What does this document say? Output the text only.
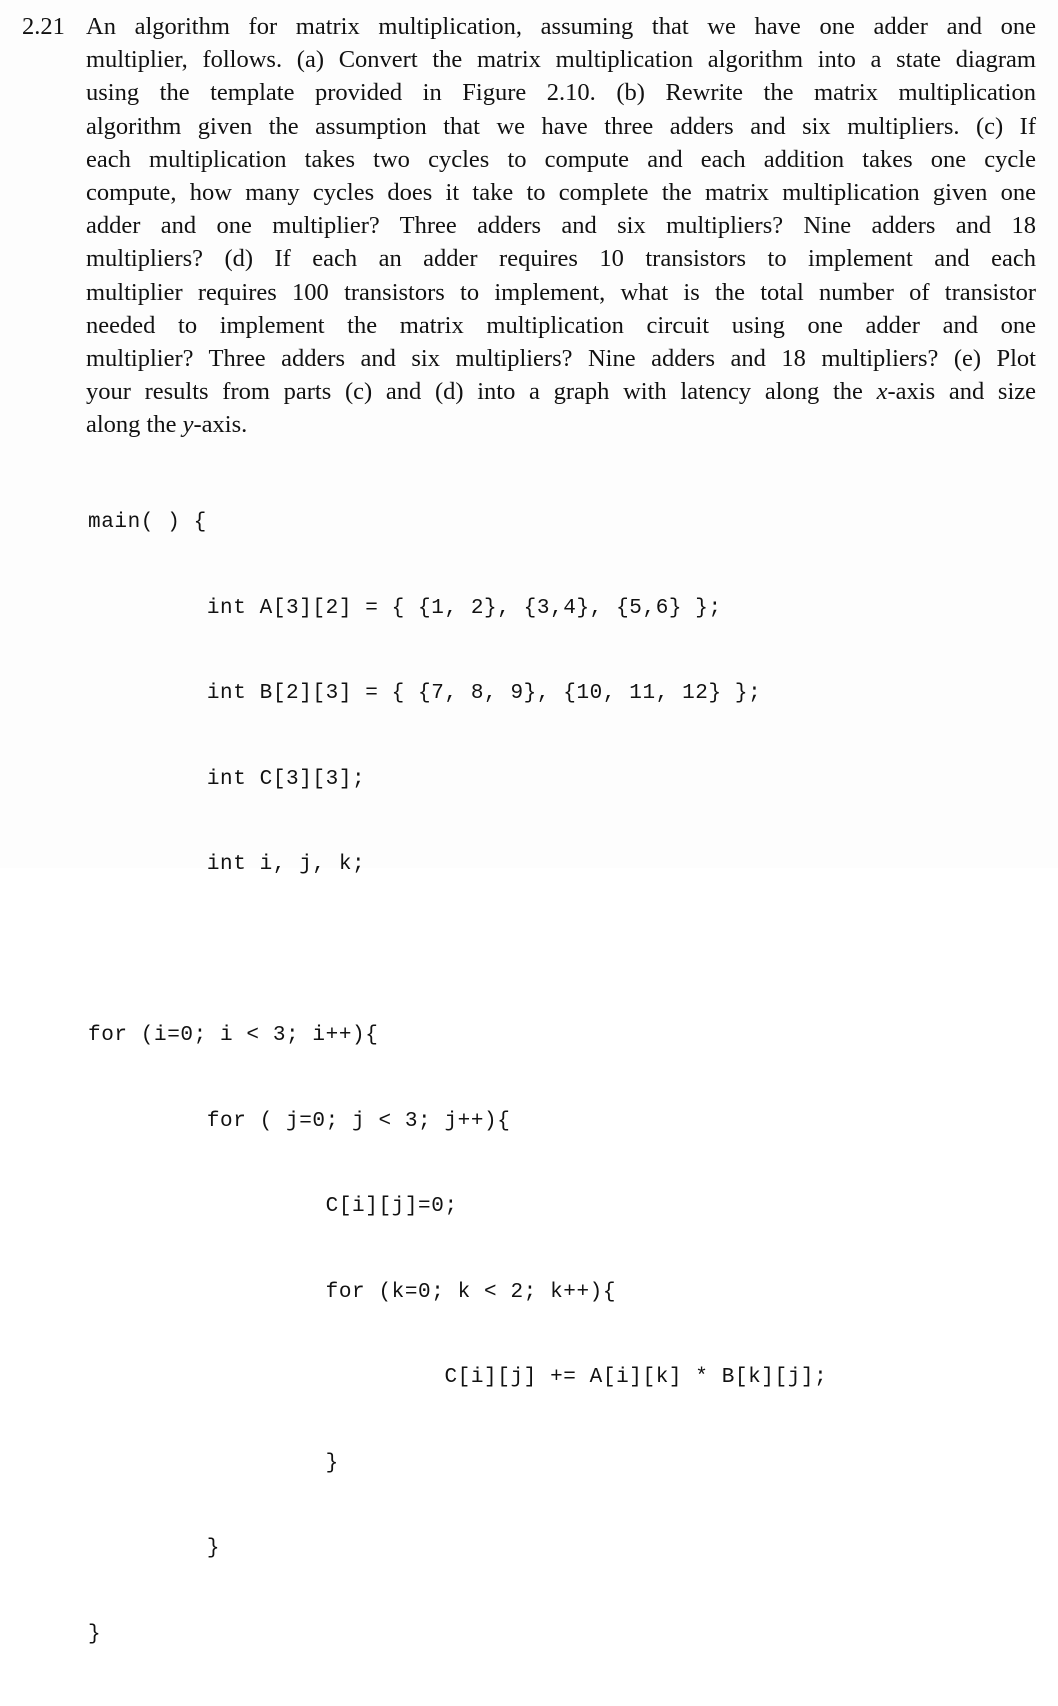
2.21 An algorithm for matrix multiplication, assuming that we have one adder and one
multiplier, follows. (a) Convert the matrix multiplication algorithm into a state diagram
using the template provided in Figure 2.10. (b) Rewrite the matrix multiplication
algorithm given the assumption that we have three adders and six multipliers. (c) If
each multiplication takes two cycles to compute and each addition takes one cycle
compute, how many cycles does it take to complete the matrix multiplication given one
adder and one multiplier? Three adders and six multipliers? Nine adders and 18
multipliers? (d) If each an adder requires 10 transistors to implement and each
multiplier requires 100 transistors to implement, what is the total number of transistor
needed to implement the matrix multiplication circuit using one adder and one
multiplier? Three adders and six multipliers? Nine adders and 18 multipliers? (e) Plot
your results from parts (c) and (d) into a graph with latency along the x-axis and size
along the y-axis.

main( ) {

int A[3][2] = { {1, 2}, {3,4}, {5,6} };

int B[2][3] = { {7, 8, 9}, {10, 11, 12} };

int C[3][3];

int i, j, k;

for (i=0; i < 3; i++){

for ( j=0; j < 3; j++){

C[i][j]=0;

for (k=0; k < 2; k++){

C[i][j] += A[i][k] * B[k][j];

}

}

}
